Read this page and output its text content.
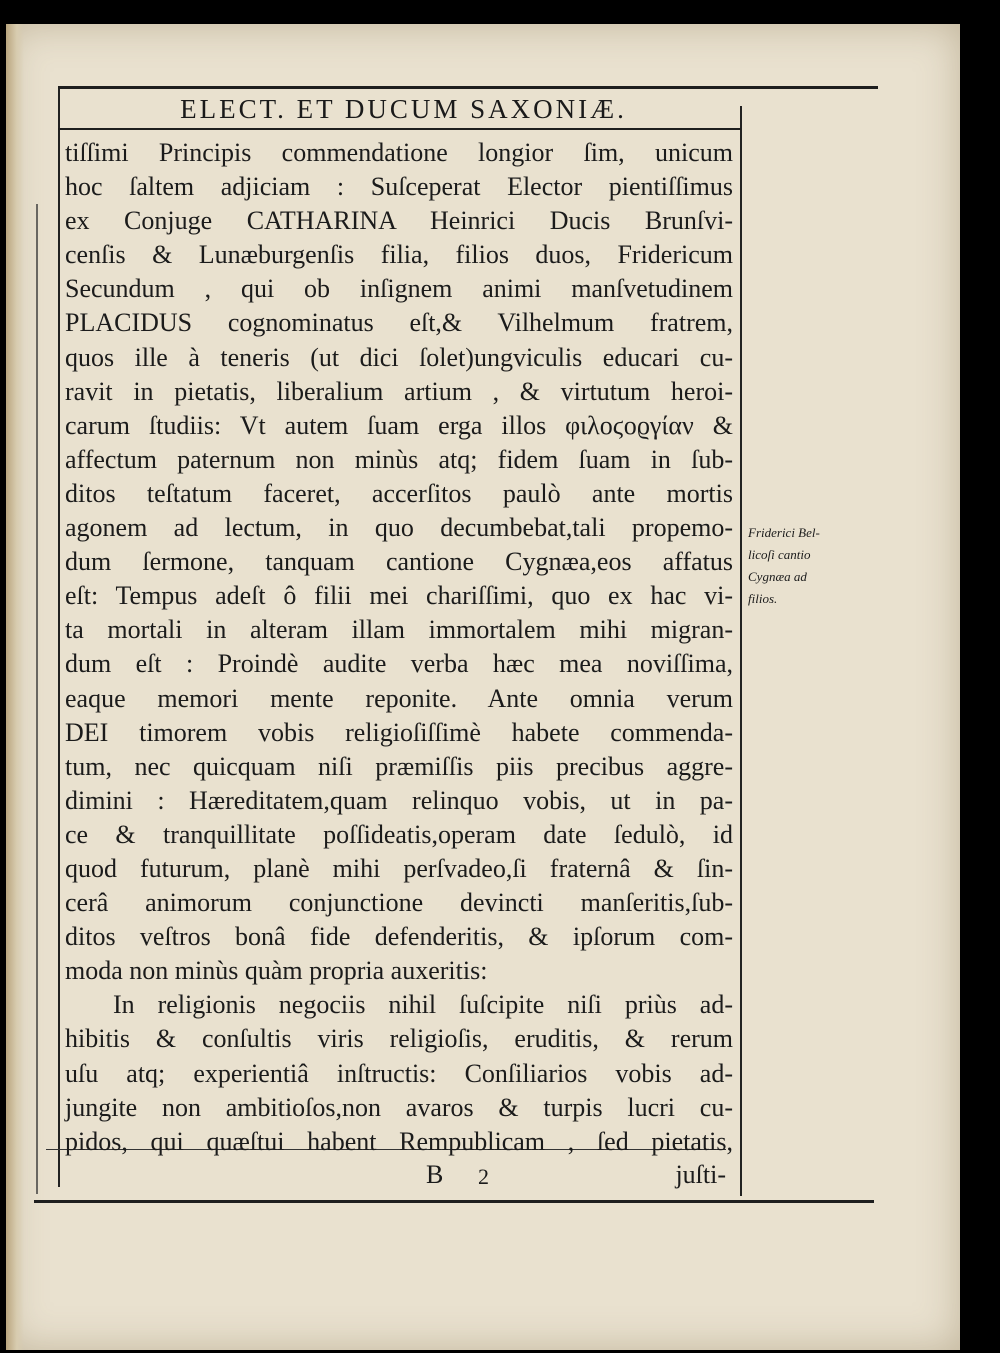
ELECT. ET DUCUM SAXONIÆ.
tiſſimi Principis commendatione longior ſim, unicum
hoc ſaltem adjiciam : Suſceperat Elector pientiſſimus
ex Conjuge CATHARINA Heinrici Ducis Brunſvi-
cenſis & Lunæburgenſis filia, filios duos, Fridericum
Secundum , qui ob inſignem animi manſvetudinem
PLACIDUS cognominatus eſt,& Vilhelmum fratrem,
quos ille à teneris (ut dici ſolet)ungviculis educari cu-
ravit in pietatis, liberalium artium , & virtutum heroi-
carum ſtudiis: Vt autem ſuam erga illos φιλοϛοϱγίαν &
affectum paternum non minùs atq; fidem ſuam in ſub-
ditos teſtatum faceret, accerſitos paulò ante mortis
agonem ad lectum, in quo decumbebat,tali propemo-
dum ſermone, tanquam cantione Cygnæa,eos affatus
eſt: Tempus adeſt ô filii mei chariſſimi, quo ex hac vi-
ta mortali in alteram illam immortalem mihi migran-
dum eſt : Proindè audite verba hæc mea noviſſima,
eaque memori mente reponite. Ante omnia verum
DEI timorem vobis religioſiſſimè habete commenda-
tum, nec quicquam niſi præmiſſis piis precibus aggre-
dimini : Hæreditatem,quam relinquo vobis, ut in pa-
ce & tranquillitate poſſideatis,operam date ſedulò, id
quod futurum, planè mihi perſvadeo,ſi fraternâ & ſin-
cerâ animorum conjunctione devincti manſeritis,ſub-
ditos veſtros bonâ fide defenderitis, & ipſorum com-
moda non minùs quàm propria auxeritis:
In religionis negociis nihil ſuſcipite niſi priùs ad-
hibitis & conſultis viris religioſis, eruditis, & rerum
uſu atq; experientiâ inſtructis: Conſiliarios vobis ad-
jungite non ambitioſos,non avaros & turpis lucri cu-
pidos, qui quæſtui habent Rempublicam , ſed pietatis,
Friderici Bel-
licoſi cantio
Cygnæa ad
filios.
B 2	juſti-
